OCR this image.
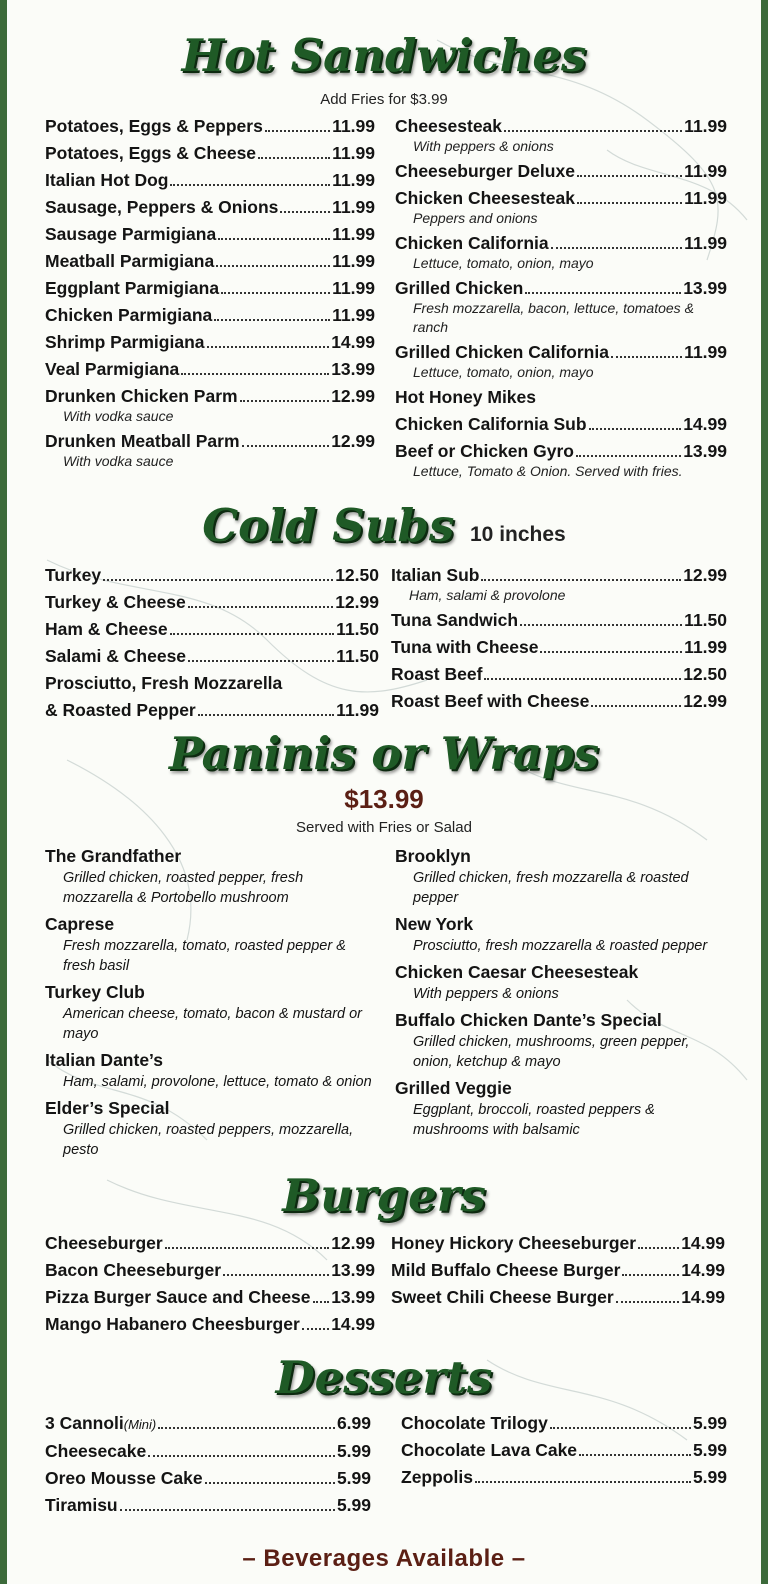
Hot Sandwiches
Add Fries for $3.99
Potatoes, Eggs & Peppers	11.99
Potatoes, Eggs & Cheese	11.99
Italian Hot Dog	11.99
Sausage, Peppers & Onions	11.99
Sausage Parmigiana	11.99
Meatball Parmigiana	11.99
Eggplant Parmigiana	11.99
Chicken Parmigiana	11.99
Shrimp Parmigiana	14.99
Veal Parmigiana	13.99
Drunken Chicken Parm	12.99
With vodka sauce
Drunken Meatball Parm	12.99
With vodka sauce
Cheesesteak	11.99
With peppers & onions
Cheeseburger Deluxe	11.99
Chicken Cheesesteak	11.99
Peppers and onions
Chicken California	11.99
Lettuce, tomato, onion, mayo
Grilled Chicken	13.99
Fresh mozzarella, bacon, lettuce, tomatoes & ranch
Grilled Chicken California	11.99
Lettuce, tomato, onion, mayo
Hot Honey Mikes
Chicken California Sub	14.99
Beef or Chicken Gyro	13.99
Lettuce, Tomato & Onion. Served with fries.
Cold Subs 10 inches
Turkey	12.50
Turkey & Cheese	12.99
Ham & Cheese	11.50
Salami & Cheese	11.50
Prosciutto, Fresh Mozzarella
& Roasted Pepper	11.99
Italian Sub	12.99
Ham, salami & provolone
Tuna Sandwich	11.50
Tuna with Cheese	11.99
Roast Beef	12.50
Roast Beef with Cheese	12.99
Paninis or Wraps
$13.99
Served with Fries or Salad
The Grandfather
Grilled chicken, roasted pepper, fresh mozzarella & Portobello mushroom
Caprese
Fresh mozzarella, tomato, roasted pepper & fresh basil
Turkey Club
American cheese, tomato, bacon & mustard or mayo
Italian Dante’s
Ham, salami, provolone, lettuce, tomato & onion
Elder’s Special
Grilled chicken, roasted peppers, mozzarella, pesto
Brooklyn
Grilled chicken, fresh mozzarella & roasted pepper
New York
Prosciutto, fresh mozzarella & roasted pepper
Chicken Caesar Cheesesteak
With peppers & onions
Buffalo Chicken Dante’s Special
Grilled chicken, mushrooms, green pepper, onion, ketchup & mayo
Grilled Veggie
Eggplant, broccoli, roasted peppers & mushrooms with balsamic
Burgers
Cheeseburger	12.99
Bacon Cheeseburger	13.99
Pizza Burger Sauce and Cheese 13.99
Mango Habanero Cheesburger 14.99
Honey Hickory Cheeseburger	14.99
Mild Buffalo Cheese Burger	14.99
Sweet Chili Cheese Burger	14.99
Desserts
3 Cannoli (Mini)	6.99
Cheesecake	5.99
Oreo Mousse Cake	5.99
Tiramisu	5.99
Chocolate Trilogy	5.99
Chocolate Lava Cake	5.99
Zeppolis	5.99
– Beverages Available –
